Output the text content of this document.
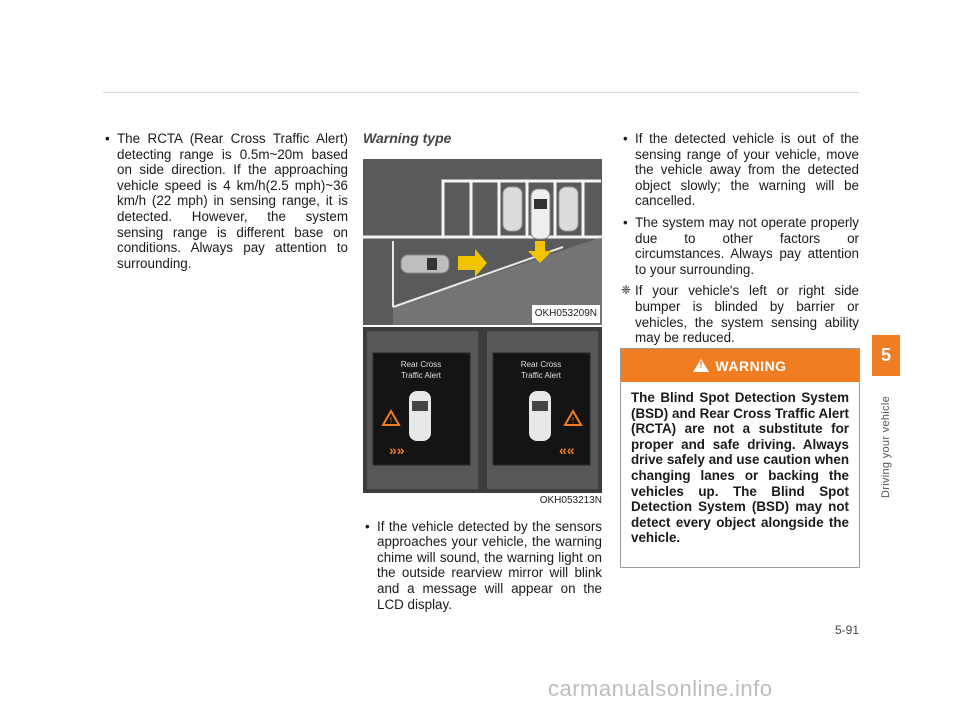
• The RCTA (Rear Cross Traffic Alert) detecting range is 0.5m~20m based on side direction. If the approaching vehicle speed is 4 km/h(2.5 mph)~36 km/h (22 mph) in sensing range, it is detected. However, the system sensing range is different base on conditions. Always pay attention to surrounding.
Warning type
OKH053209N
Rear Cross
Traffic Alert
!
»»
Rear Cross
Traffic Alert
!
««
OKH053213N
• If the vehicle detected by the sensors approaches your vehicle, the warning chime will sound, the warning light on the outside rearview mirror will blink and a message will appear on the LCD display.
• If the detected vehicle is out of the sensing range of your vehicle, move the vehicle away from the detected object slowly; the warning will be cancelled.
• The system may not operate properly due to other factors or circumstances. Always pay attention to your surrounding.
❈ If your vehicle's left or right side bumper is blinded by barrier or vehicles, the system sensing ability may be reduced.
!
WARNING
The Blind Spot Detection System (BSD) and Rear Cross Traffic Alert (RCTA) are not a substitute for proper and safe driving. Always drive safely and use caution when changing lanes or backing the vehicles up. The Blind Spot Detection System (BSD) may not detect every object alongside the vehicle.
5
Driving your vehicle
5-91
carmanualsonline.info
